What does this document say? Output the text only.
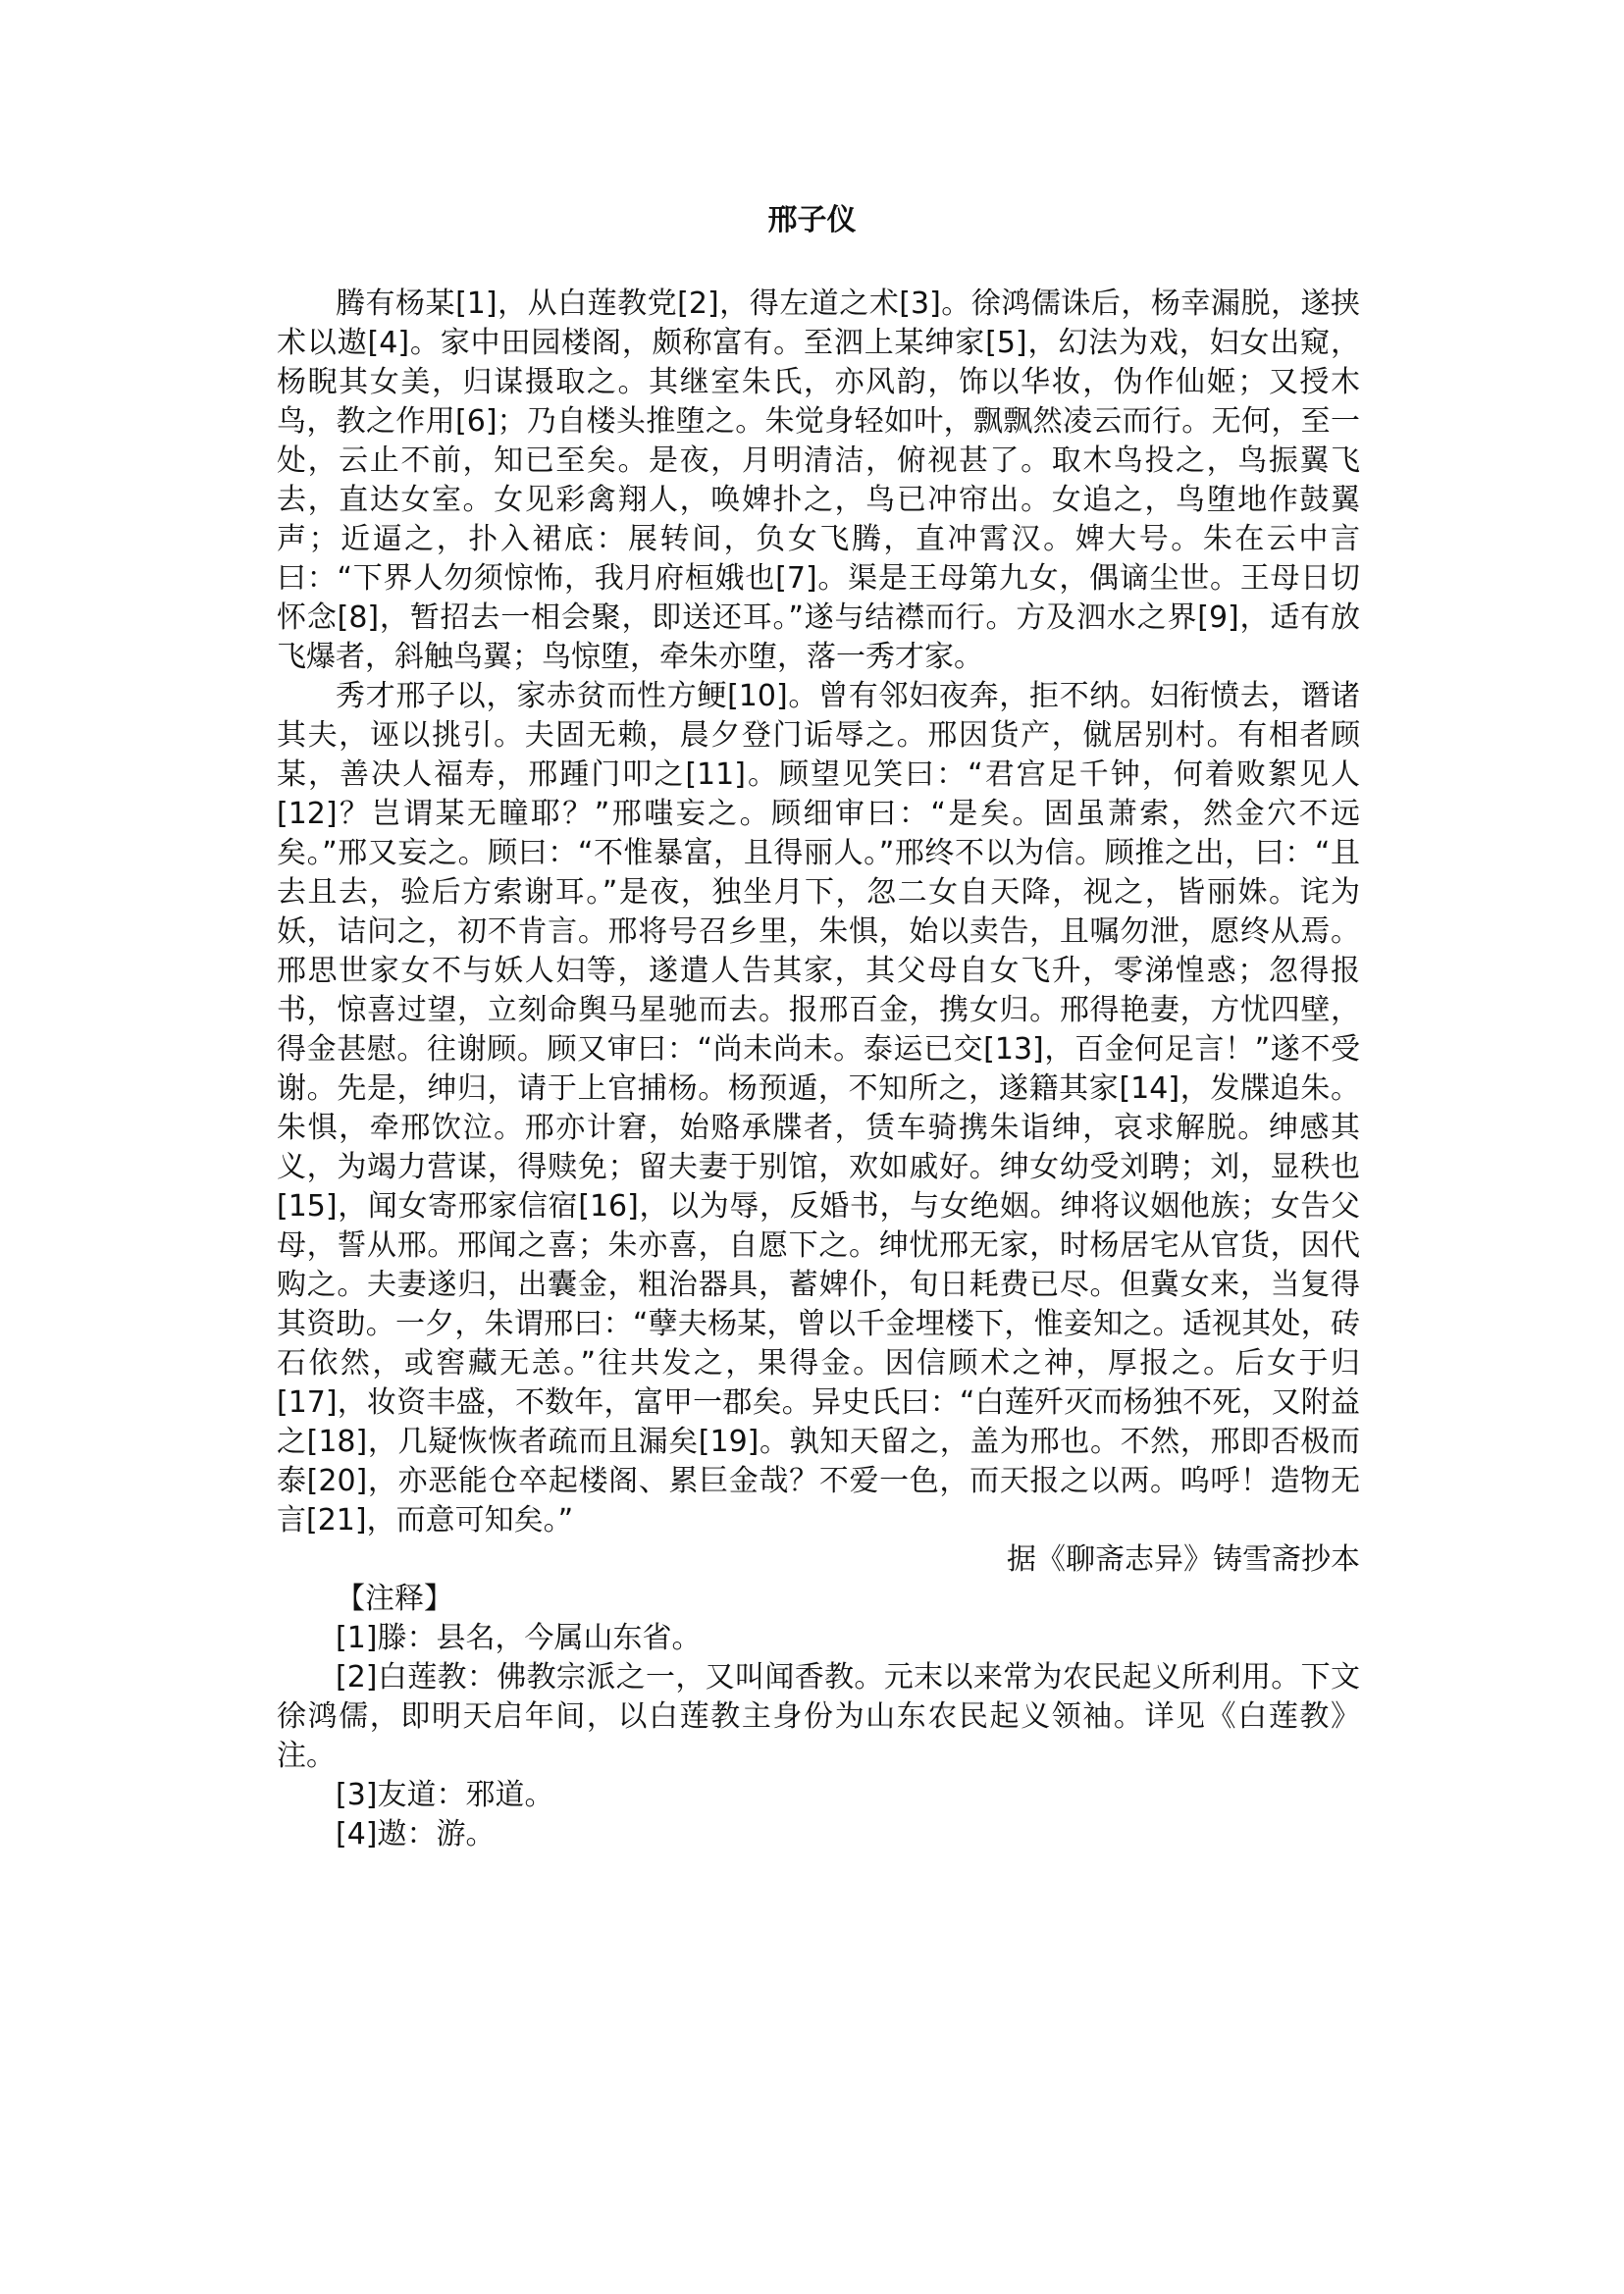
邢子仪

腾有杨某[1]，从白莲教党[2]，得左道之术[3]。徐鸿儒诛后，杨幸漏脱，遂挟术以遨[4]。家中田园楼阁，颇称富有。至泗上某绅家[5]，幻法为戏，妇女出窥，杨睨其女美，归谋摄取之。其继室朱氏，亦风韵，饰以华妆，伪作仙姬；又授木鸟，教之作用[6]；乃自楼头推堕之。朱觉身轻如叶，飘飘然凌云而行。无何，至一处，云止不前，知已至矣。是夜，月明清洁，俯视甚了。取木鸟投之，鸟振翼飞去，直达女室。女见彩禽翔人，唤婢扑之，鸟已冲帘出。女追之，鸟堕地作鼓翼声；近逼之，扑入裙底：展转间，负女飞腾，直冲霄汉。婢大号。朱在云中言曰：“下界人勿须惊怖，我月府桓娥也[7]。渠是王母第九女，偶谪尘世。王母日切怀念[8]，暂招去一相会聚，即送还耳。”遂与结襟而行。方及泗水之界[9]，适有放飞爆者，斜触鸟翼；鸟惊堕，牵朱亦堕，落一秀才家。

秀才邢子以，家赤贫而性方鲠[10]。曾有邻妇夜奔，拒不纳。妇衔愤去，谮诸其夫，诬以挑引。夫固无赖，晨夕登门诟辱之。邢因货产，僦居别村。有相者顾某，善决人福寿，邢踵门叩之[11]。顾望见笑曰：“君宫足千钟，何着败絮见人[12]？岂谓某无瞳耶？”邢嗤妄之。顾细审曰：“是矣。固虽萧索，然金穴不远矣。”邢又妄之。顾曰：“不惟暴富，且得丽人。”邢终不以为信。顾推之出，曰：“且去且去，验后方索谢耳。”是夜，独坐月下，忽二女自天降，视之，皆丽姝。诧为妖，诘问之，初不肯言。邢将号召乡里，朱惧，始以卖告，且嘱勿泄，愿终从焉。邢思世家女不与妖人妇等，遂遣人告其家，其父母自女飞升，零涕惶惑；忽得报书，惊喜过望，立刻命舆马星驰而去。报邢百金，携女归。邢得艳妻，方忧四壁，得金甚慰。往谢顾。顾又审曰：“尚未尚未。泰运已交[13]，百金何足言！”遂不受谢。先是，绅归，请于上官捕杨。杨预遁，不知所之，遂籍其家[14]，发牒追朱。朱惧，牵邢饮泣。邢亦计窘，始赂承牒者，赁车骑携朱诣绅，哀求解脱。绅感其义，为竭力营谋，得赎免；留夫妻于别馆，欢如戚好。绅女幼受刘聘；刘，显秩也[15]，闻女寄邢家信宿[16]，以为辱，反婚书，与女绝姻。绅将议姻他族；女告父母，誓从邢。邢闻之喜；朱亦喜，自愿下之。绅忧邢无家，时杨居宅从官货，因代购之。夫妻遂归，出囊金，粗治器具，蓄婢仆，旬日耗费已尽。但冀女来，当复得其资助。一夕，朱谓邢曰：“孽夫杨某，曾以千金埋楼下，惟妾知之。适视其处，砖石依然，或窖藏无恙。”往共发之，果得金。因信顾术之神，厚报之。后女于归[17]，妆资丰盛，不数年，富甲一郡矣。异史氏曰：“白莲歼灭而杨独不死，又附益之[18]，几疑恢恢者疏而且漏矣[19]。孰知天留之，盖为邢也。不然，邢即否极而泰[20]，亦恶能仓卒起楼阁、累巨金哉？不爱一色，而天报之以两。呜呼！造物无言[21]，而意可知矣。”

据《聊斋志异》铸雪斋抄本

【注释】

[1]滕：县名，今属山东省。

[2]白莲教：佛教宗派之一，又叫闻香教。元末以来常为农民起义所利用。下文徐鸿儒，即明天启年间，以白莲教主身份为山东农民起义领袖。详见《白莲教》注。

[3]友道：邪道。

[4]遨：游。
